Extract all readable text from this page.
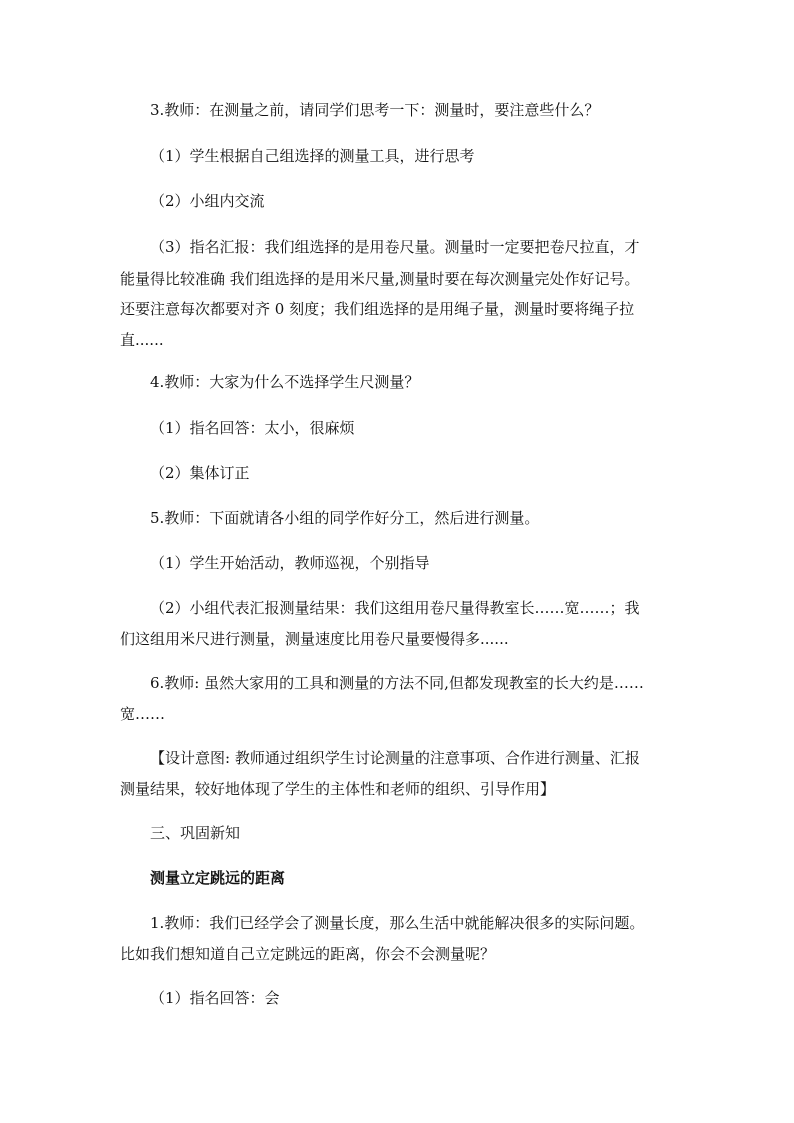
3.教师：在测量之前，请同学们思考一下：测量时，要注意些什么？
（1）学生根据自己组选择的测量工具，进行思考
（2）小组内交流
（3）指名汇报：我们组选择的是用卷尺量。测量时一定要把卷尺拉直，才
能量得比较准确 我们组选择的是用米尺量,测量时要在每次测量完处作好记号。
还要注意每次都要对齐 0 刻度；我们组选择的是用绳子量，测量时要将绳子拉
直......
4.教师：大家为什么不选择学生尺测量？
（1）指名回答：太小，很麻烦
（2）集体订正
5.教师：下面就请各小组的同学作好分工，然后进行测量。
（1）学生开始活动，教师巡视，个别指导
（2）小组代表汇报测量结果：我们这组用卷尺量得教室长……宽……；我
们这组用米尺进行测量，测量速度比用卷尺量要慢得多......
6.教师: 虽然大家用的工具和测量的方法不同,但都发现教室的长大约是……
宽……
【设计意图: 教师通过组织学生讨论测量的注意事项、合作进行测量、汇报
测量结果，较好地体现了学生的主体性和老师的组织、引导作用】
三、巩固新知
测量立定跳远的距离
1.教师：我们已经学会了测量长度，那么生活中就能解决很多的实际问题。
比如我们想知道自己立定跳远的距离，你会不会测量呢？
（1）指名回答：会
